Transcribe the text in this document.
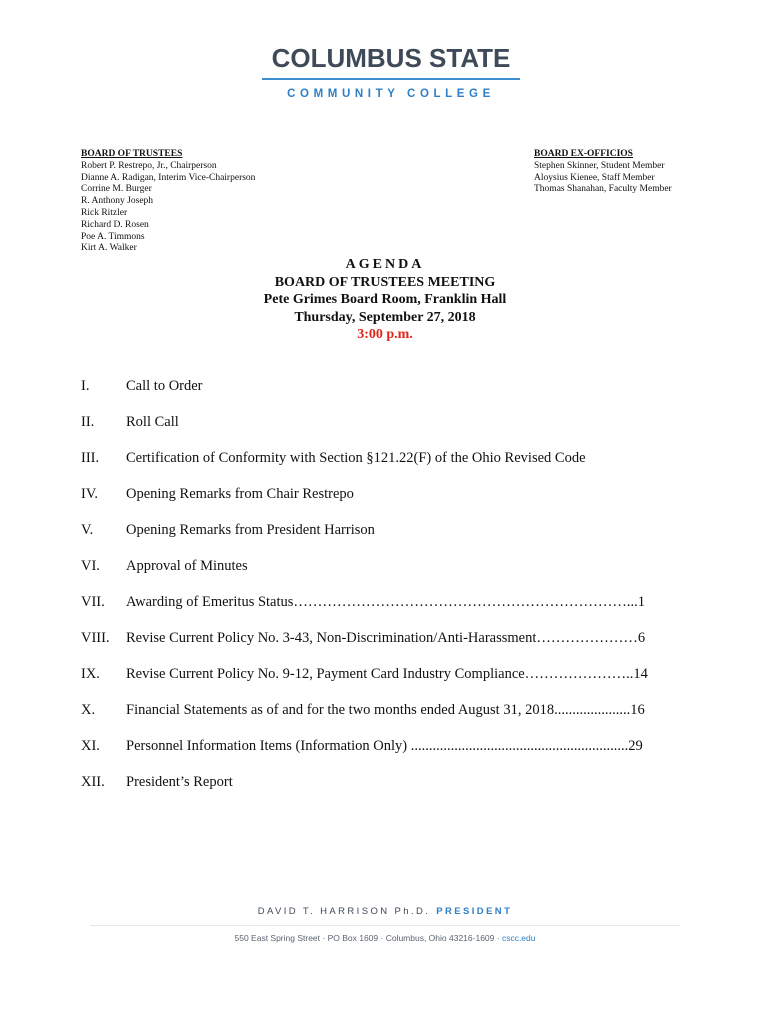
COLUMBUS STATE
COMMUNITY COLLEGE
BOARD OF TRUSTEES
Robert P. Restrepo, Jr., Chairperson
Dianne A. Radigan, Interim Vice-Chairperson
Corrine M. Burger
R. Anthony Joseph
Rick Ritzler
Richard D. Rosen
Poe A. Timmons
Kirt A. Walker
BOARD EX-OFFICIOS
Stephen Skinner, Student Member
Aloysius Kienee, Staff Member
Thomas Shanahan, Faculty Member
AGENDA
BOARD OF TRUSTEES MEETING
Pete Grimes Board Room, Franklin Hall
Thursday, September 27, 2018
3:00 p.m.
I.	Call to Order
II. Roll Call
III. Certification of Conformity with Section §121.22(F) of the Ohio Revised Code
IV. Opening Remarks from Chair Restrepo
V. Opening Remarks from President Harrison
VI. Approval of Minutes
VII. Awarding of Emeritus Status……………………………………………………………...1
VIII. Revise Current Policy No. 3-43, Non-Discrimination/Anti-Harassment…………………6
IX. Revise Current Policy No. 9-12, Payment Card Industry Compliance…………………..14
X. Financial Statements as of and for the two months ended August 31, 2018.....................16
XI. Personnel Information Items (Information Only) ............................................................29
XII. President’s Report
DAVID T. HARRISON Ph.D. PRESIDENT
550 East Spring Street · PO Box 1609 · Columbus, Ohio 43216-1609 · cscc.edu
